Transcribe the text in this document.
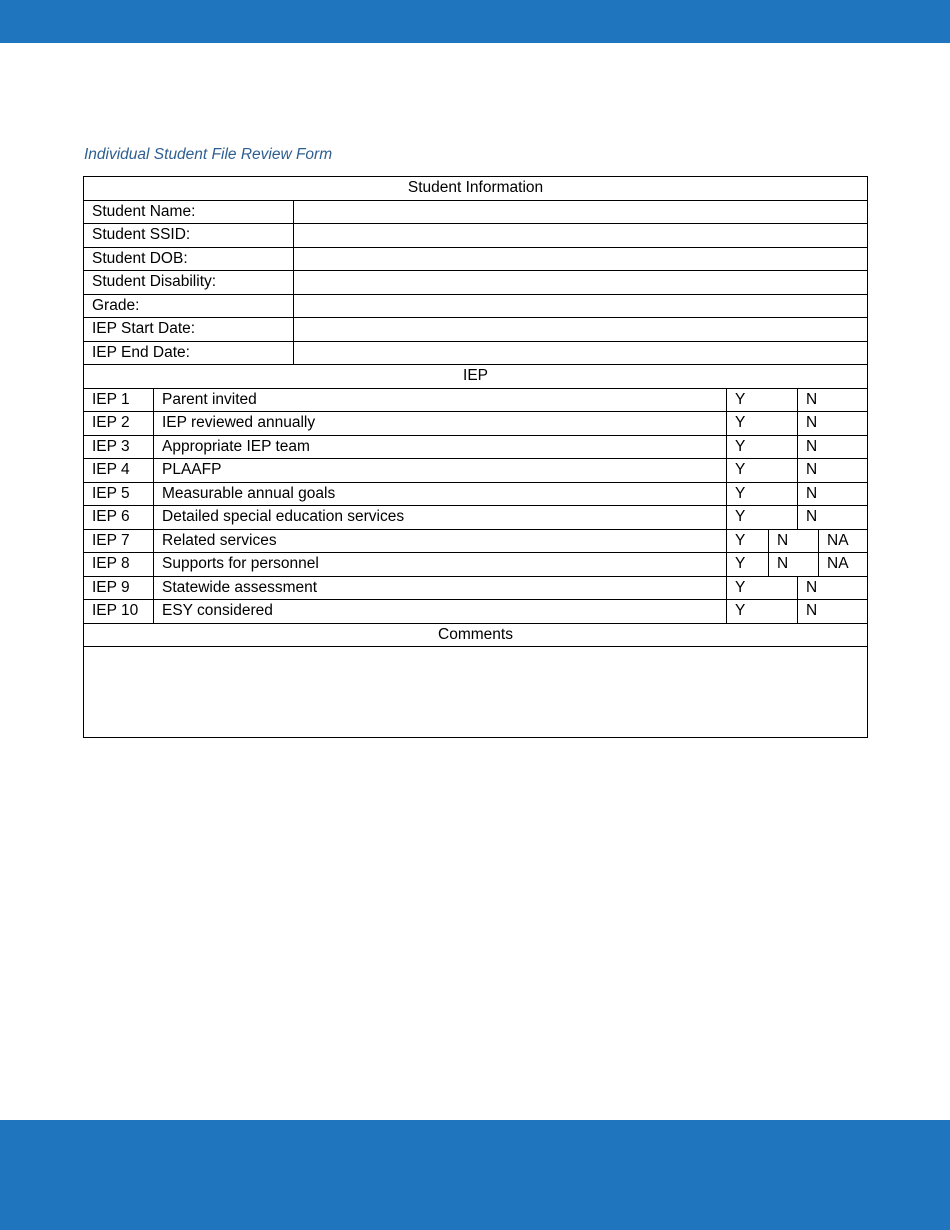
Individual Student File Review Form
Student Information						
Student Name:						
Student SSID:						
Student DOB:						
Student Disability:						
Grade:						
IEP Start Date:						
IEP End Date:						
IEP						
IEP 1	Parent invited		Y		N	
IEP 2	IEP reviewed annually		Y		N	
IEP 3	Appropriate IEP team		Y		N	
IEP 4	PLAAFP		Y		N	
IEP 5	Measurable annual goals		Y		N	
IEP 6	Detailed special education services		Y		N	
IEP 7	Related services		Y	N		NA
IEP 8	Supports for personnel		Y	N		NA
IEP 9	Statewide assessment		Y		N	
IEP 10	ESY considered		Y		N	
Comments						
